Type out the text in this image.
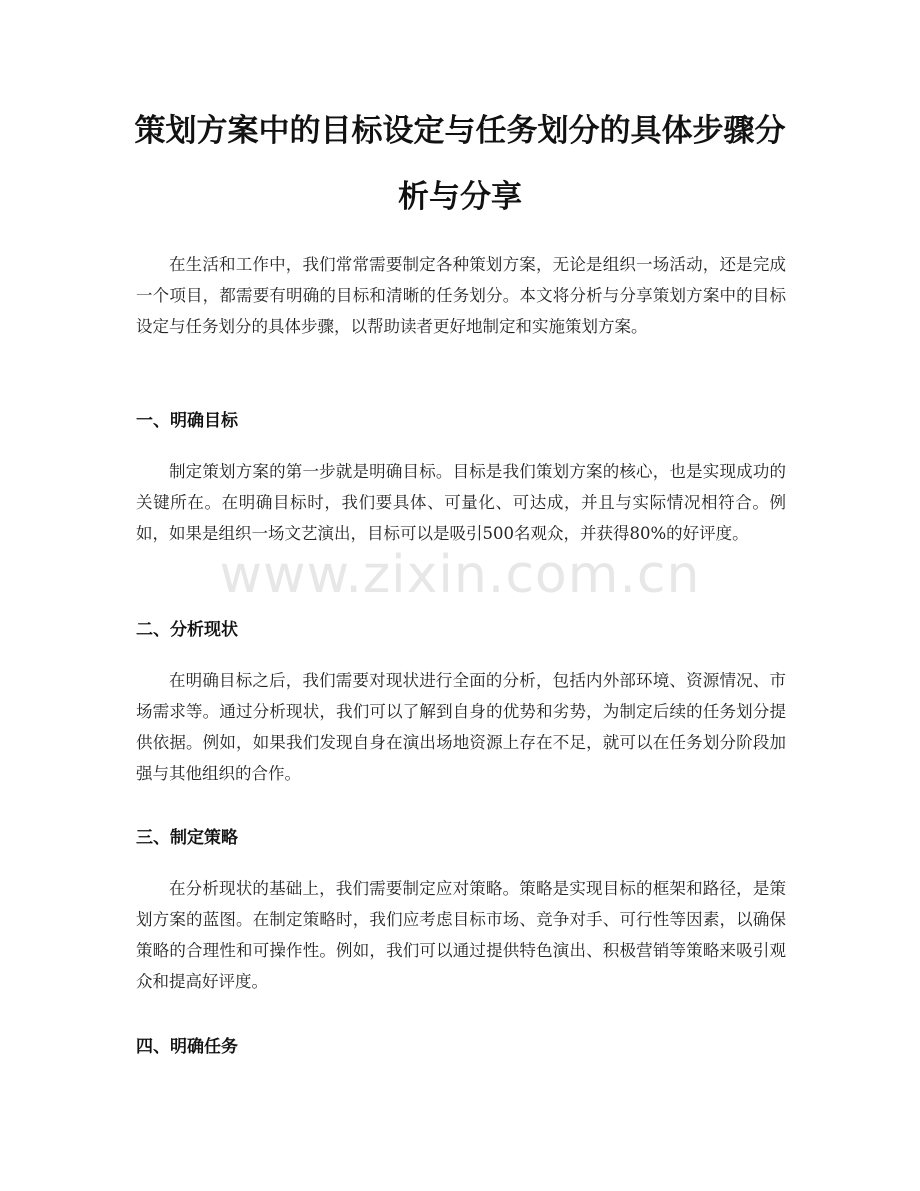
策划方案中的目标设定与任务划分的具体步骤分析与分享

在生活和工作中，我们常常需要制定各种策划方案，无论是组织一场活动，还是完成一个项目，都需要有明确的目标和清晰的任务划分。本文将分析与分享策划方案中的目标设定与任务划分的具体步骤，以帮助读者更好地制定和实施策划方案。

一、明确目标

制定策划方案的第一步就是明确目标。目标是我们策划方案的核心，也是实现成功的关键所在。在明确目标时，我们要具体、可量化、可达成，并且与实际情况相符合。例如，如果是组织一场文艺演出，目标可以是吸引500名观众，并获得80%的好评度。

二、分析现状

在明确目标之后，我们需要对现状进行全面的分析，包括内外部环境、资源情况、市场需求等。通过分析现状，我们可以了解到自身的优势和劣势，为制定后续的任务划分提供依据。例如，如果我们发现自身在演出场地资源上存在不足，就可以在任务划分阶段加强与其他组织的合作。

三、制定策略

在分析现状的基础上，我们需要制定应对策略。策略是实现目标的框架和路径，是策划方案的蓝图。在制定策略时，我们应考虑目标市场、竞争对手、可行性等因素，以确保策略的合理性和可操作性。例如，我们可以通过提供特色演出、积极营销等策略来吸引观众和提高好评度。

四、明确任务
www.zixin.com.cn
